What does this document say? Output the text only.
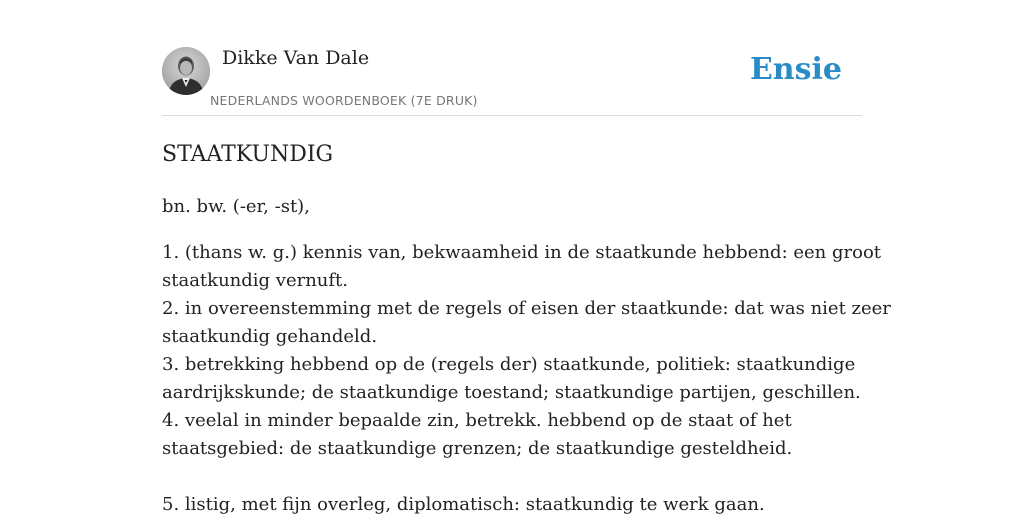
Dikke Van Dale
NEDERLANDS WOORDENBOEK (7E DRUK)
Ensie
STAATKUNDIG

bn. bw. (-er, -st),

1. (thans w. g.) kennis van, bekwaamheid in de staatkunde hebbend: een groot
staatkundig vernuft.
2. in overeenstemming met de regels of eisen der staatkunde: dat was niet zeer
staatkundig gehandeld.
3. betrekking hebbend op de (regels der) staatkunde, politiek: staatkundige
aardrijkskunde; de staatkundige toestand; staatkundige partijen, geschillen.
4. veelal in minder bepaalde zin, betrekk. hebbend op de staat of het
staatsgebied: de staatkundige grenzen; de staatkundige gesteldheid.
5. listig, met fijn overleg, diplomatisch: staatkundig te werk gaan.
